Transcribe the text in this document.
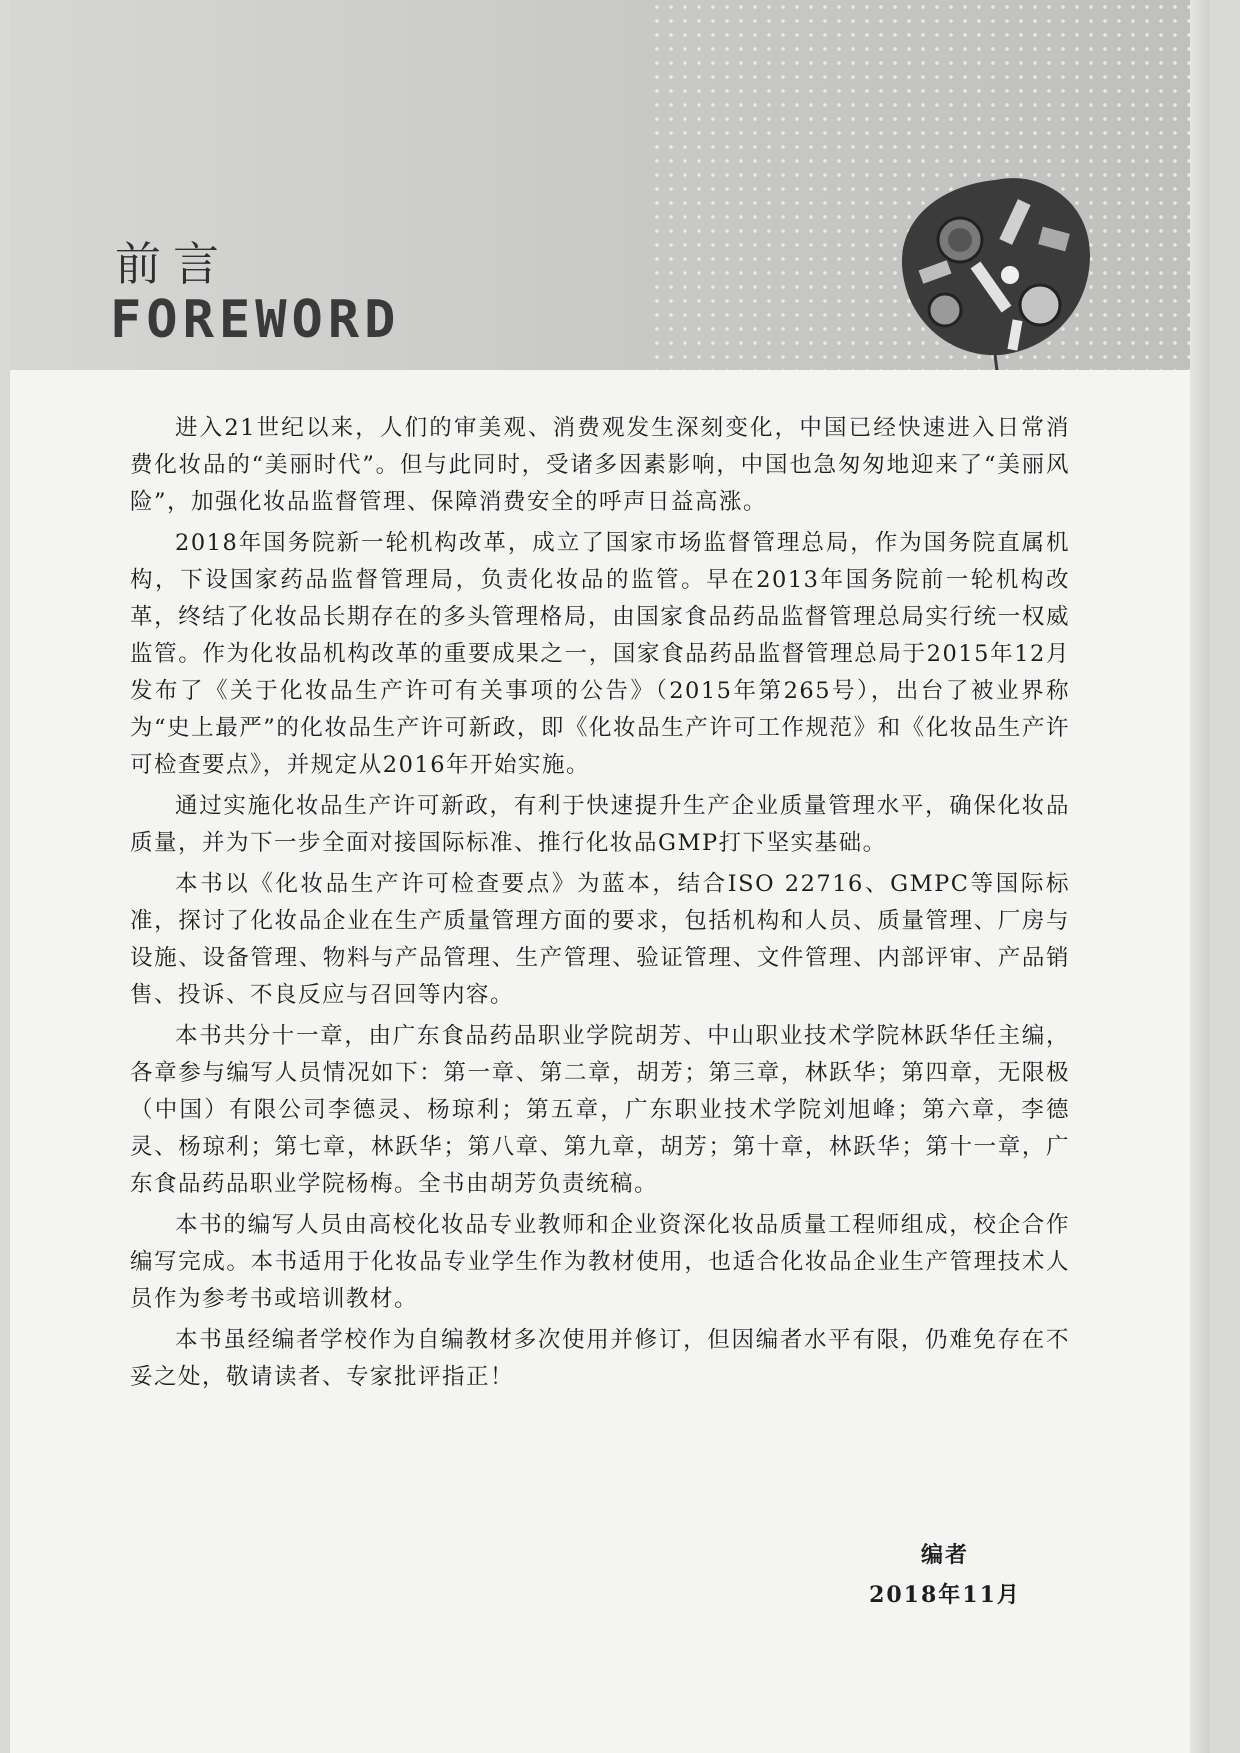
前言
FOREWORD

进入21世纪以来，人们的审美观、消费观发生深刻变化，中国已经快速进入日常消费化妆品的“美丽时代”。但与此同时，受诸多因素影响，中国也急匆匆地迎来了“美丽风险”，加强化妆品监督管理、保障消费安全的呼声日益高涨。

2018年国务院新一轮机构改革，成立了国家市场监督管理总局，作为国务院直属机构，下设国家药品监督管理局，负责化妆品的监管。早在2013年国务院前一轮机构改革，终结了化妆品长期存在的多头管理格局，由国家食品药品监督管理总局实行统一权威监管。作为化妆品机构改革的重要成果之一，国家食品药品监督管理总局于2015年12月发布了《关于化妆品生产许可有关事项的公告》（2015年第265号），出台了被业界称为“史上最严”的化妆品生产许可新政，即《化妆品生产许可工作规范》和《化妆品生产许可检查要点》，并规定从2016年开始实施。

通过实施化妆品生产许可新政，有利于快速提升生产企业质量管理水平，确保化妆品质量，并为下一步全面对接国际标准、推行化妆品GMP打下坚实基础。

本书以《化妆品生产许可检查要点》为蓝本，结合ISO 22716、GMPC等国际标准，探讨了化妆品企业在生产质量管理方面的要求，包括机构和人员、质量管理、厂房与设施、设备管理、物料与产品管理、生产管理、验证管理、文件管理、内部评审、产品销售、投诉、不良反应与召回等内容。

本书共分十一章，由广东食品药品职业学院胡芳、中山职业技术学院林跃华任主编，各章参与编写人员情况如下：第一章、第二章，胡芳；第三章，林跃华；第四章，无限极（中国）有限公司李德灵、杨琼利；第五章，广东职业技术学院刘旭峰；第六章，李德灵、杨琼利；第七章，林跃华；第八章、第九章，胡芳；第十章，林跃华；第十一章，广东食品药品职业学院杨梅。全书由胡芳负责统稿。

本书的编写人员由高校化妆品专业教师和企业资深化妆品质量工程师组成，校企合作编写完成。本书适用于化妆品专业学生作为教材使用，也适合化妆品企业生产管理技术人员作为参考书或培训教材。

本书虽经编者学校作为自编教材多次使用并修订，但因编者水平有限，仍难免存在不妥之处，敬请读者、专家批评指正！

编者
2018年11月
